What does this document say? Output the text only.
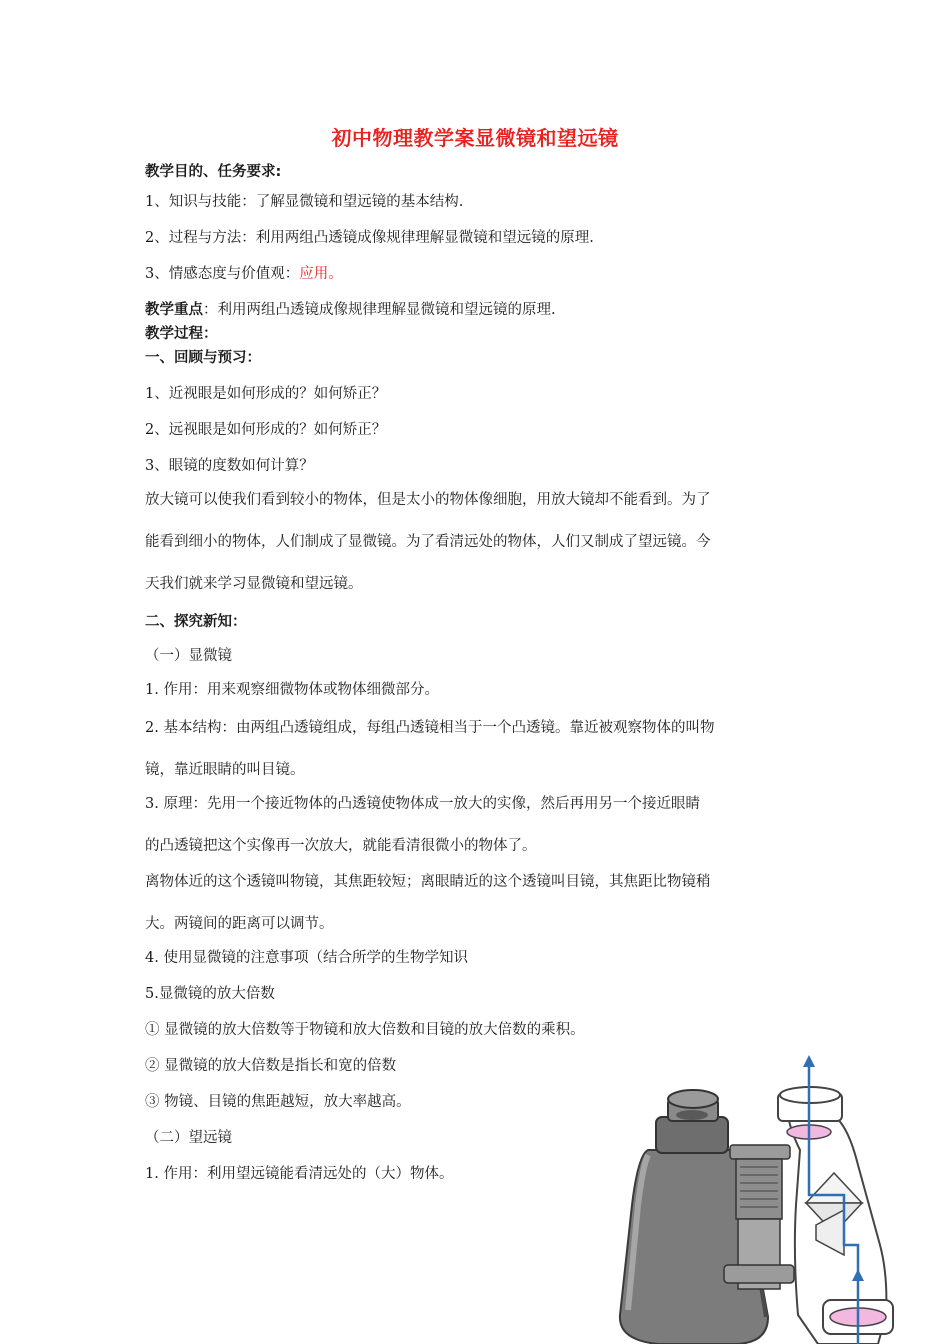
初中物理教学案显微镜和望远镜
教学目的、任务要求:
1、知识与技能：了解显微镜和望远镜的基本结构.
2、过程与方法：利用两组凸透镜成像规律理解显微镜和望远镜的原理.
3、情感态度与价值观：应用。
教学重点：利用两组凸透镜成像规律理解显微镜和望远镜的原理.
教学过程：
一、回顾与预习：
1、近视眼是如何形成的？如何矫正？
2、远视眼是如何形成的？如何矫正？
3、眼镜的度数如何计算？
放大镜可以使我们看到较小的物体，但是太小的物体像细胞，用放大镜却不能看到。为了
能看到细小的物体，人们制成了显微镜。为了看清远处的物体，人们又制成了望远镜。今
天我们就来学习显微镜和望远镜。
二、探究新知：
（一）显微镜
1. 作用：用来观察细微物体或物体细微部分。
2. 基本结构：由两组凸透镜组成，每组凸透镜相当于一个凸透镜。靠近被观察物体的叫物
镜，靠近眼睛的叫目镜。
3. 原理：先用一个接近物体的凸透镜使物体成一放大的实像，然后再用另一个接近眼睛
的凸透镜把这个实像再一次放大，就能看清很微小的物体了。
离物体近的这个透镜叫物镜，其焦距较短；离眼睛近的这个透镜叫目镜，其焦距比物镜稍
大。两镜间的距离可以调节。
4. 使用显微镜的注意事项（结合所学的生物学知识
5.显微镜的放大倍数
① 显微镜的放大倍数等于物镜和放大倍数和目镜的放大倍数的乘积。
② 显微镜的放大倍数是指长和宽的倍数
③ 物镜、目镜的焦距越短，放大率越高。
（二）望远镜
1. 作用：利用望远镜能看清远处的（大）物体。
